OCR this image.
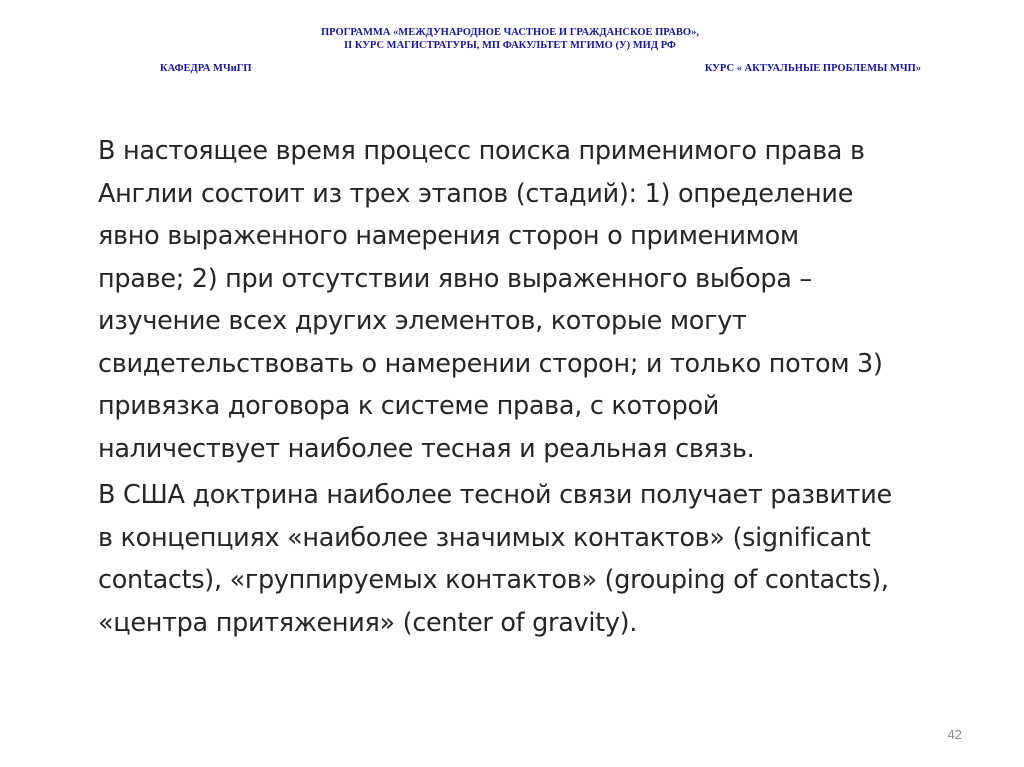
ПРОГРАММА «МЕЖДУНАРОДНОЕ ЧАСТНОЕ И ГРАЖДАНСКОЕ ПРАВО»,
II КУРС МАГИСТРАТУРЫ, МП ФАКУЛЬТЕТ МГИМО (У) МИД РФ
КАФЕДРА МЧиГП	КУРС « АКТУАЛЬНЫЕ ПРОБЛЕМЫ МЧП»

В настоящее время процесс поиска применимого права в
Англии состоит из трех этапов (стадий): 1) определение
явно выраженного намерения сторон о применимом
праве; 2) при отсутствии явно выраженного выбора –
изучение всех других элементов, которые могут
свидетельствовать о намерении сторон; и только потом 3)
привязка договора к системе права, с которой
наличествует наиболее тесная и реальная связь.

В США доктрина наиболее тесной связи получает развитие
в концепциях «наиболее значимых контактов» (significant
contacts), «группируемых контактов» (grouping of contacts),
«центра притяжения» (center of gravity).

42
